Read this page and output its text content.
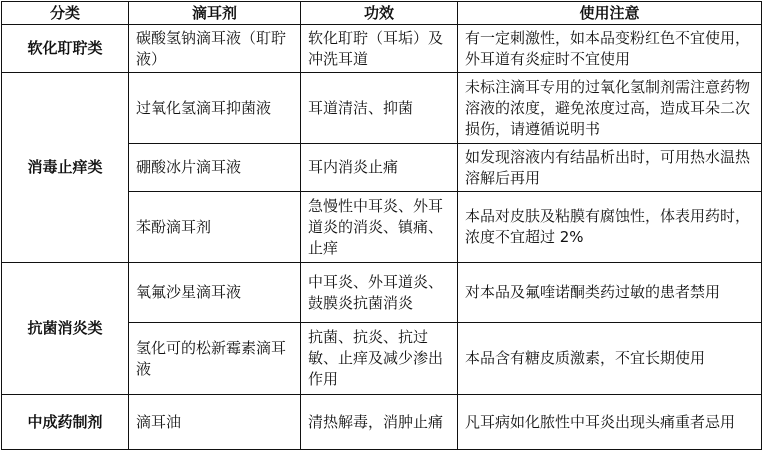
分类	滴耳剂	功效	使用注意
软化耵聍类	碳酸氢钠滴耳液（耵聍液）	软化耵聍（耳垢）及冲洗耳道	有一定刺激性，如本品变粉红色不宜使用，外耳道有炎症时不宜使用
消毒止痒类	过氧化氢滴耳抑菌液	耳道清洁、抑菌	未标注滴耳专用的过氧化氢制剂需注意药物溶液的浓度，避免浓度过高，造成耳朵二次损伤，请遵循说明书
	硼酸冰片滴耳液	耳内消炎止痛	如发现溶液内有结晶析出时，可用热水温热溶解后再用
	苯酚滴耳剂	急慢性中耳炎、外耳道炎的消炎、镇痛、止痒	本品对皮肤及粘膜有腐蚀性，体表用药时，浓度不宜超过 2%
抗菌消炎类	氧氟沙星滴耳液	中耳炎、外耳道炎、鼓膜炎抗菌消炎	对本品及氟喹诺酮类药过敏的患者禁用
	氢化可的松新霉素滴耳液	抗菌、抗炎、抗过敏、止痒及减少渗出作用	本品含有糖皮质激素，不宜长期使用
中成药制剂	滴耳油	清热解毒，消肿止痛	凡耳病如化脓性中耳炎出现头痛重者忌用
